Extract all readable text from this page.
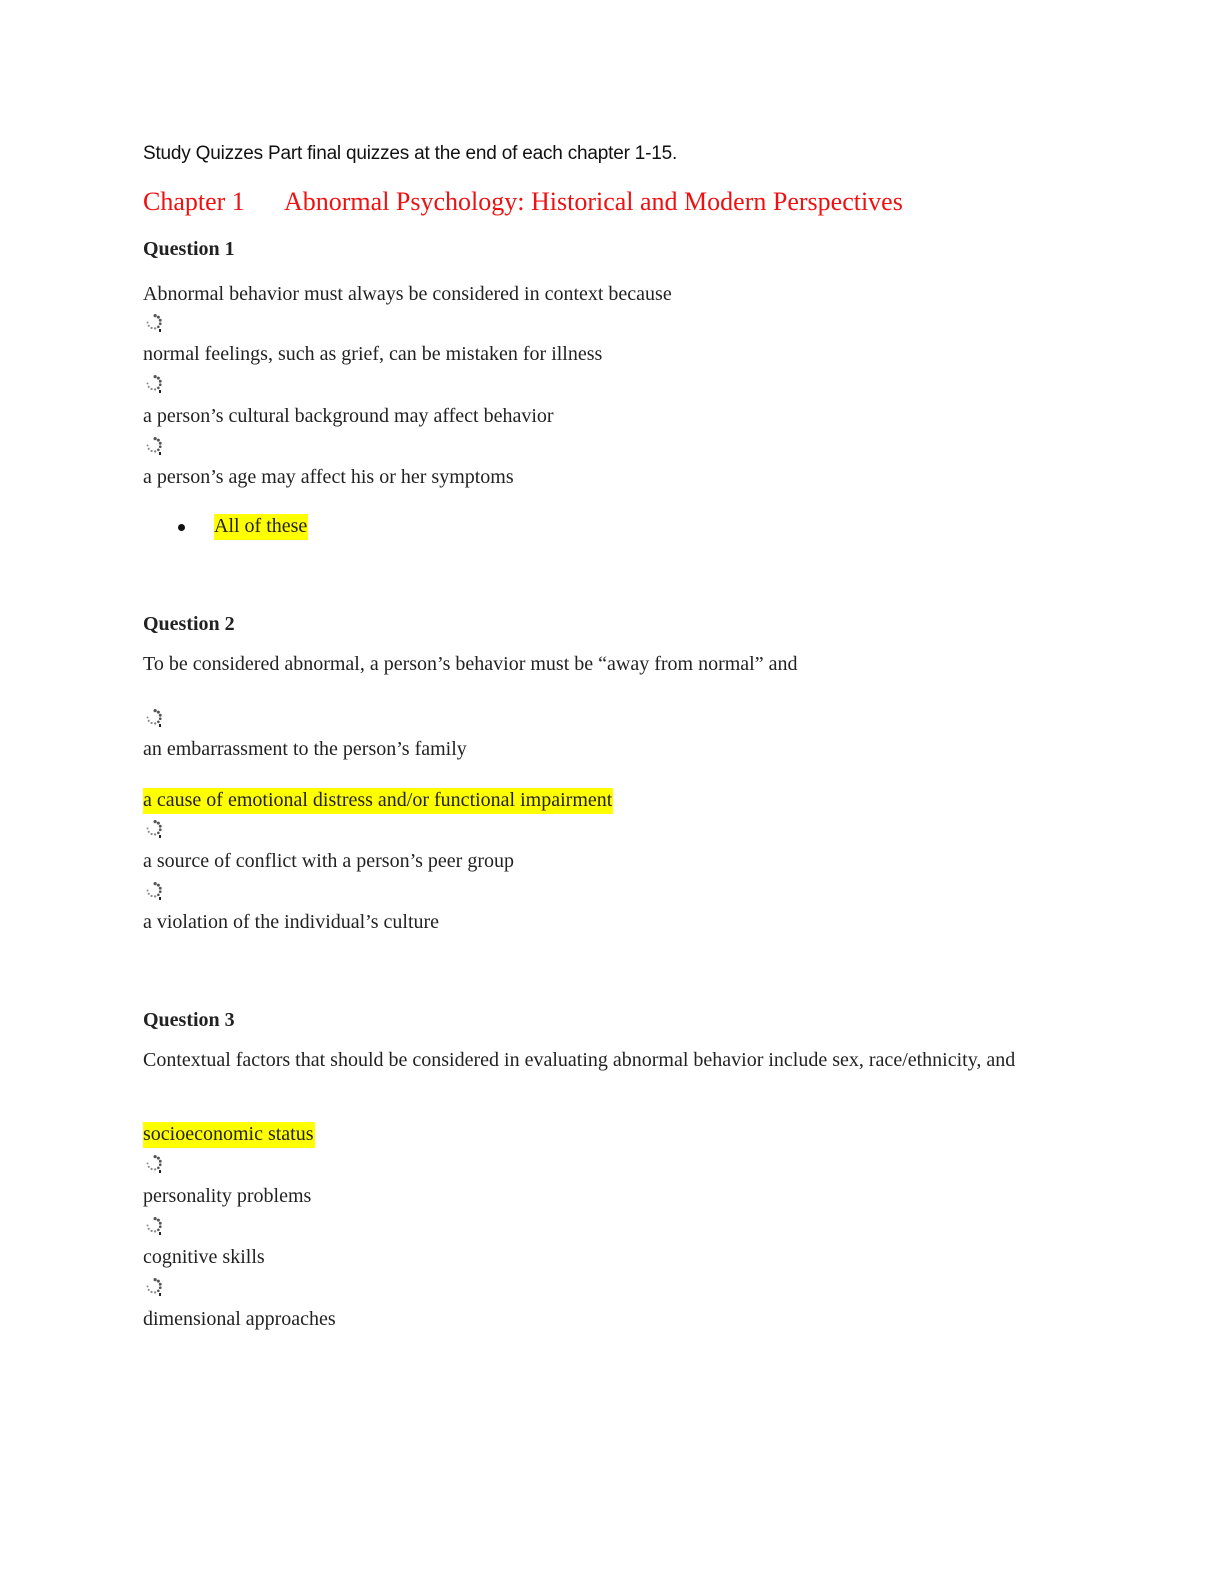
Study Quizzes Part final quizzes at the end of each chapter 1-15.
Chapter 1 Abnormal Psychology: Historical and Modern Perspectives
Question 1
Abnormal behavior must always be considered in context because
normal feelings, such as grief, can be mistaken for illness
a person’s cultural background may affect behavior
a person’s age may affect his or her symptoms
All of these
Question 2
To be considered abnormal, a person’s behavior must be “away from normal” and
an embarrassment to the person’s family
a cause of emotional distress and/or functional impairment
a source of conflict with a person’s peer group
a violation of the individual’s culture
Question 3
Contextual factors that should be considered in evaluating abnormal behavior include sex, race/ethnicity, and
socioeconomic status
personality problems
cognitive skills
dimensional approaches
